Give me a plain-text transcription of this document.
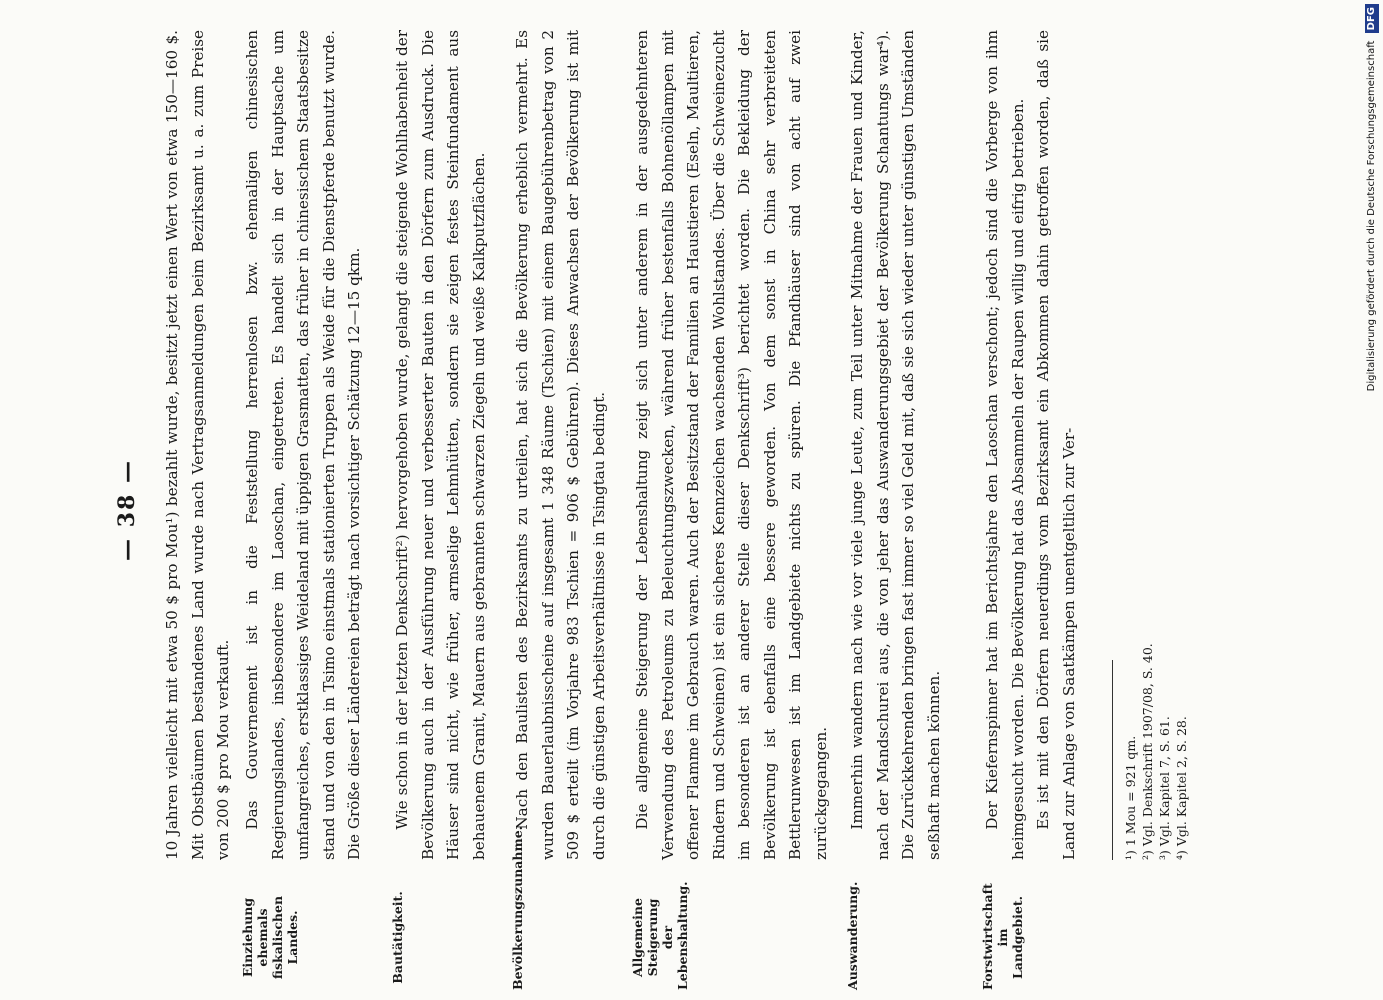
— 38 —	10 Jahren vielleicht mit etwa 50 $ pro Mou¹) bezahlt wurde, besitzt jetzt einen Wert von etwa 150—160 $. Mit Obstbäumen bestandenes Land wurde nach Vertragsanmeldungen beim Bezirksamt u. a. zum Preise von 200 $ pro Mou verkauft.

Einziehung ehemals fiskalischen Landes.

Das Gouvernement ist in die Feststellung herrenlosen bzw. ehemaligen chinesischen Regierungslandes, insbesondere im Laoschan, eingetreten. Es handelt sich in der Hauptsache um umfangreiches, erstklassiges Weideland mit üppigen Grasmatten, das früher in chinesischem Staatsbesitze stand und von den in Tsimo einstmals stationierten Truppen als Weide für die Dienstpferde benutzt wurde. Die Größe dieser Ländereien beträgt nach vorsichtiger Schätzung 12—15 qkm.

Bautätigkeit.

Wie schon in der letzten Denkschrift²) hervorgehoben wurde, gelangt die steigende Wohlhabenheit der Bevölkerung auch in der Ausführung neuer und verbesserter Bauten in den Dörfern zum Ausdruck. Die Häuser sind nicht, wie früher, armselige Lehmhütten, sondern sie zeigen festes Steinfundament aus behauenem Granit, Mauern aus gebrannten schwarzen Ziegeln und weiße Kalkputzflächen.

Bevölkerungszunahme.

Nach den Baulisten des Bezirksamts zu urteilen, hat sich die Bevölkerung erheblich vermehrt. Es wurden Bauerlaubnisscheine auf insgesamt 1 348 Räume (Tschien) mit einem Baugebührenbetrag von 2 509 $ erteilt (im Vorjahre 983 Tschien = 906 $ Gebühren). Dieses Anwachsen der Bevölkerung ist mit durch die günstigen Arbeitsverhältnisse in Tsingtau bedingt.

Allgemeine Steigerung der Lebenshaltung.

Die allgemeine Steigerung der Lebenshaltung zeigt sich unter anderem in der ausgedehnteren Verwendung des Petroleums zu Beleuchtungszwecken, während früher bestenfalls Bohnenöllampen mit offener Flamme im Gebrauch waren. Auch der Besitzstand der Familien an Haustieren (Eseln, Maultieren, Rindern und Schweinen) ist ein sicheres Kennzeichen wachsenden Wohlstandes. Über die Schweinezucht im besonderen ist an anderer Stelle dieser Denkschrift³) berichtet worden. Die Bekleidung der Bevölkerung ist ebenfalls eine bessere geworden. Von dem sonst in China sehr verbreiteten Bettlerunwesen ist im Landgebiete nichts zu spüren. Die Pfandhäuser sind von acht auf zwei zurückgegangen.

Auswanderung.

Immerhin wandern nach wie vor viele junge Leute, zum Teil unter Mitnahme der Frauen und Kinder, nach der Mandschurei aus, die von jeher das Auswanderungsgebiet der Bevölkerung Schantungs war⁴). Die Zurückkehrenden bringen fast immer so viel Geld mit, daß sie sich wieder unter günstigen Umständen seßhaft machen können.

Forstwirtschaft im Landgebiet.

Der Kiefernspinner hat im Berichtsjahre den Laoschan verschont; jedoch sind die Vorberge von ihm heimgesucht worden. Die Bevölkerung hat das Absammeln der Raupen willig und eifrig betrieben. Es ist mit den Dörfern neuerdings vom Bezirksamt ein Abkommen dahin getroffen worden, daß sie Land zur Anlage von Saatkämpen unentgeltlich zur Ver-	¹) 1 Mou = 921 qm. ²) Vgl. Denkschrift 1907/08, S. 40. ³) Vgl. Kapitel 7, S. 61. ⁴) Vgl. Kapitel 2, S. 28.
Digitalisierung gefördert durch die Deutsche Forschungsgemeinschaft DFG
